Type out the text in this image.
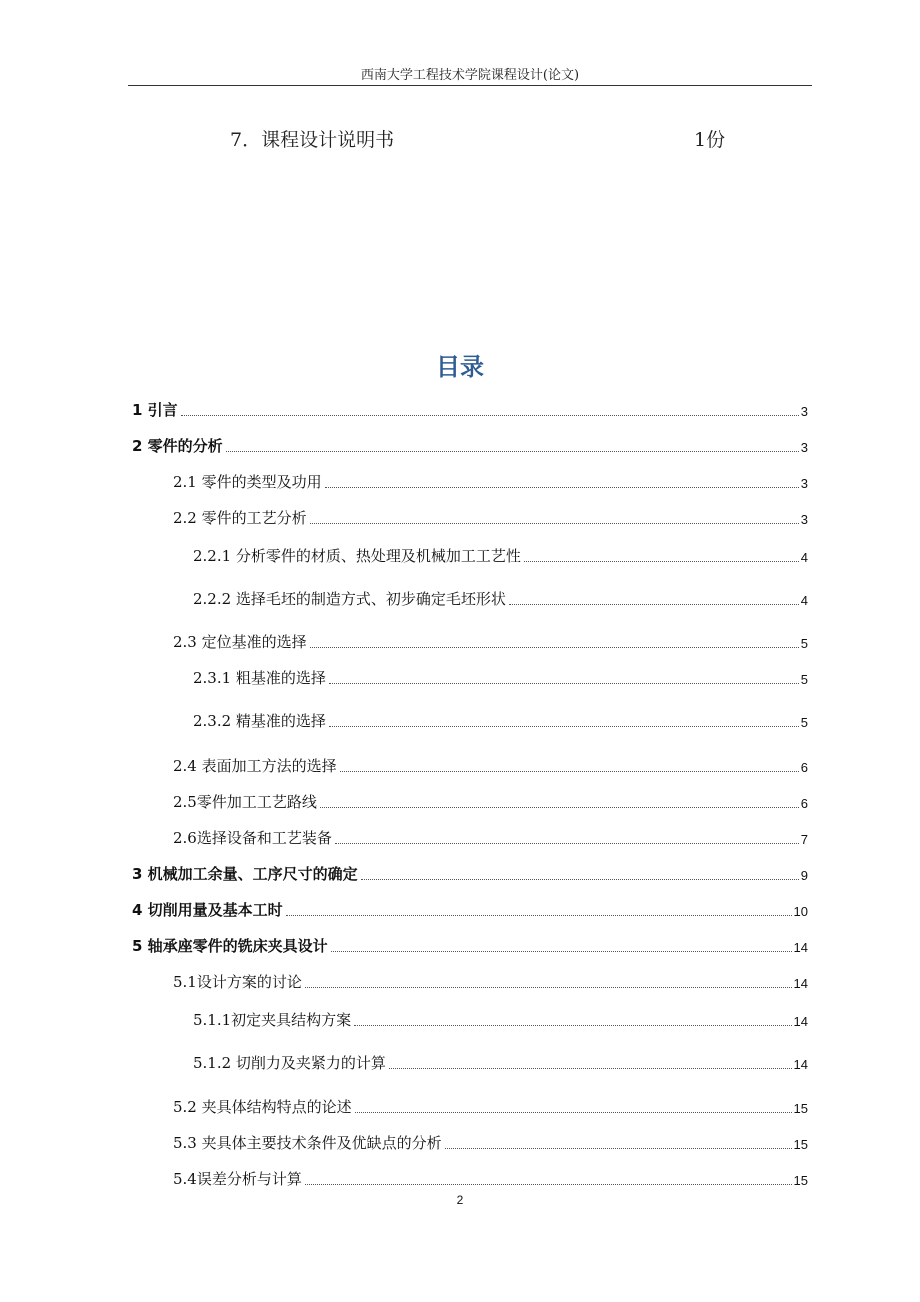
西南大学工程技术学院课程设计(论文)
7．课程设计说明书	1份
目录
1 引言	3
2 零件的分析	3
2.1 零件的类型及功用	3
2.2 零件的工艺分析	3
2.2.1 分析零件的材质、热处理及机械加工工艺性	4
2.2.2 选择毛坯的制造方式、初步确定毛坯形状	4
2.3 定位基准的选择	5
2.3.1 粗基准的选择	5
2.3.2 精基准的选择	5
2.4 表面加工方法的选择	6
2.5零件加工工艺路线	6
2.6选择设备和工艺装备	7
3 机械加工余量、工序尺寸的确定	9
4 切削用量及基本工时	10
5 轴承座零件的铣床夹具设计	14
5.1设计方案的讨论	14
5.1.1初定夹具结构方案	14
5.1.2 切削力及夹紧力的计算	14
5.2 夹具体结构特点的论述	15
5.3 夹具体主要技术条件及优缺点的分析	15
5.4误差分析与计算	15
2
